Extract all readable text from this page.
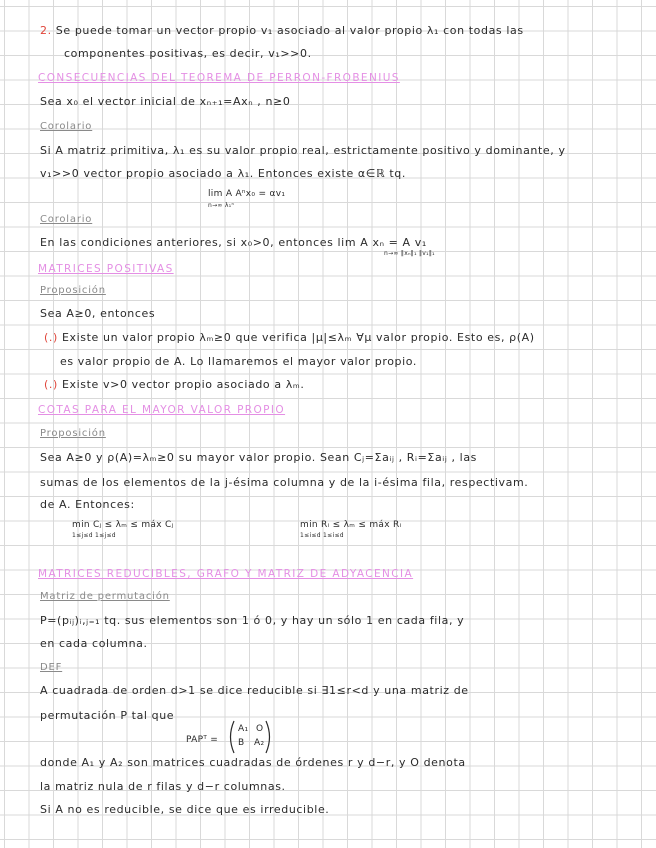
2. Se puede tomar un vector propio v₁ asociado al valor propio λ₁ con todas las
componentes positivas, es decir, v₁>>0.
CONSECUENCIAS DEL TEOREMA DE PERRON-FROBENIUS
Sea x₀ el vector inicial de xₙ₊₁=Axₙ , n≥0
Corolario
Si A matriz primitiva, λ₁ es su valor propio real, estrictamente positivo y dominante, y
v₁>>0 vector propio asociado a λ₁. Entonces existe α∈ℝ tq.
lim A Aⁿx₀ = αv₁
n→∞ λ₁ⁿ
Corolario
En las condiciones anteriores, si x₀>0, entonces lim A xₙ = A v₁
n→∞ ‖xₙ‖₁ ‖v₁‖₁
MATRICES POSITIVAS
Proposición
Sea A≥0, entonces
(.) Existe un valor propio λₘ≥0 que verifica |μ|≤λₘ ∀μ valor propio. Esto es, ρ(A)
es valor propio de A. Lo llamaremos el mayor valor propio.
(.) Existe v>0 vector propio asociado a λₘ.
COTAS PARA EL MAYOR VALOR PROPIO
Proposición
Sea A≥0 y ρ(A)=λₘ≥0 su mayor valor propio. Sean Cⱼ=Σaᵢⱼ , Rᵢ=Σaᵢⱼ , las
sumas de los elementos de la j-ésima columna y de la i-ésima fila, respectivam.
de A. Entonces:
min Cⱼ ≤ λₘ ≤ máx Cⱼ
1≤j≤d 1≤j≤d
min Rᵢ ≤ λₘ ≤ máx Rᵢ
1≤i≤d 1≤i≤d
MATRICES REDUCIBLES, GRAFO Y MATRIZ DE ADYACENCIA
Matriz de permutación
P=(pᵢⱼ)ᵢ,ⱼ₌₁ tq. sus elementos son 1 ó 0, y hay un sólo 1 en cada fila, y
en cada columna.
DEF
A cuadrada de orden d>1 se dice reducible si ∃1≤r<d y una matriz de
permutación P tal que
PAPᵀ =
A₁ O
B A₂
donde A₁ y A₂ son matrices cuadradas de órdenes r y d−r, y O denota
la matriz nula de r filas y d−r columnas.
Si A no es reducible, se dice que es irreducible.
